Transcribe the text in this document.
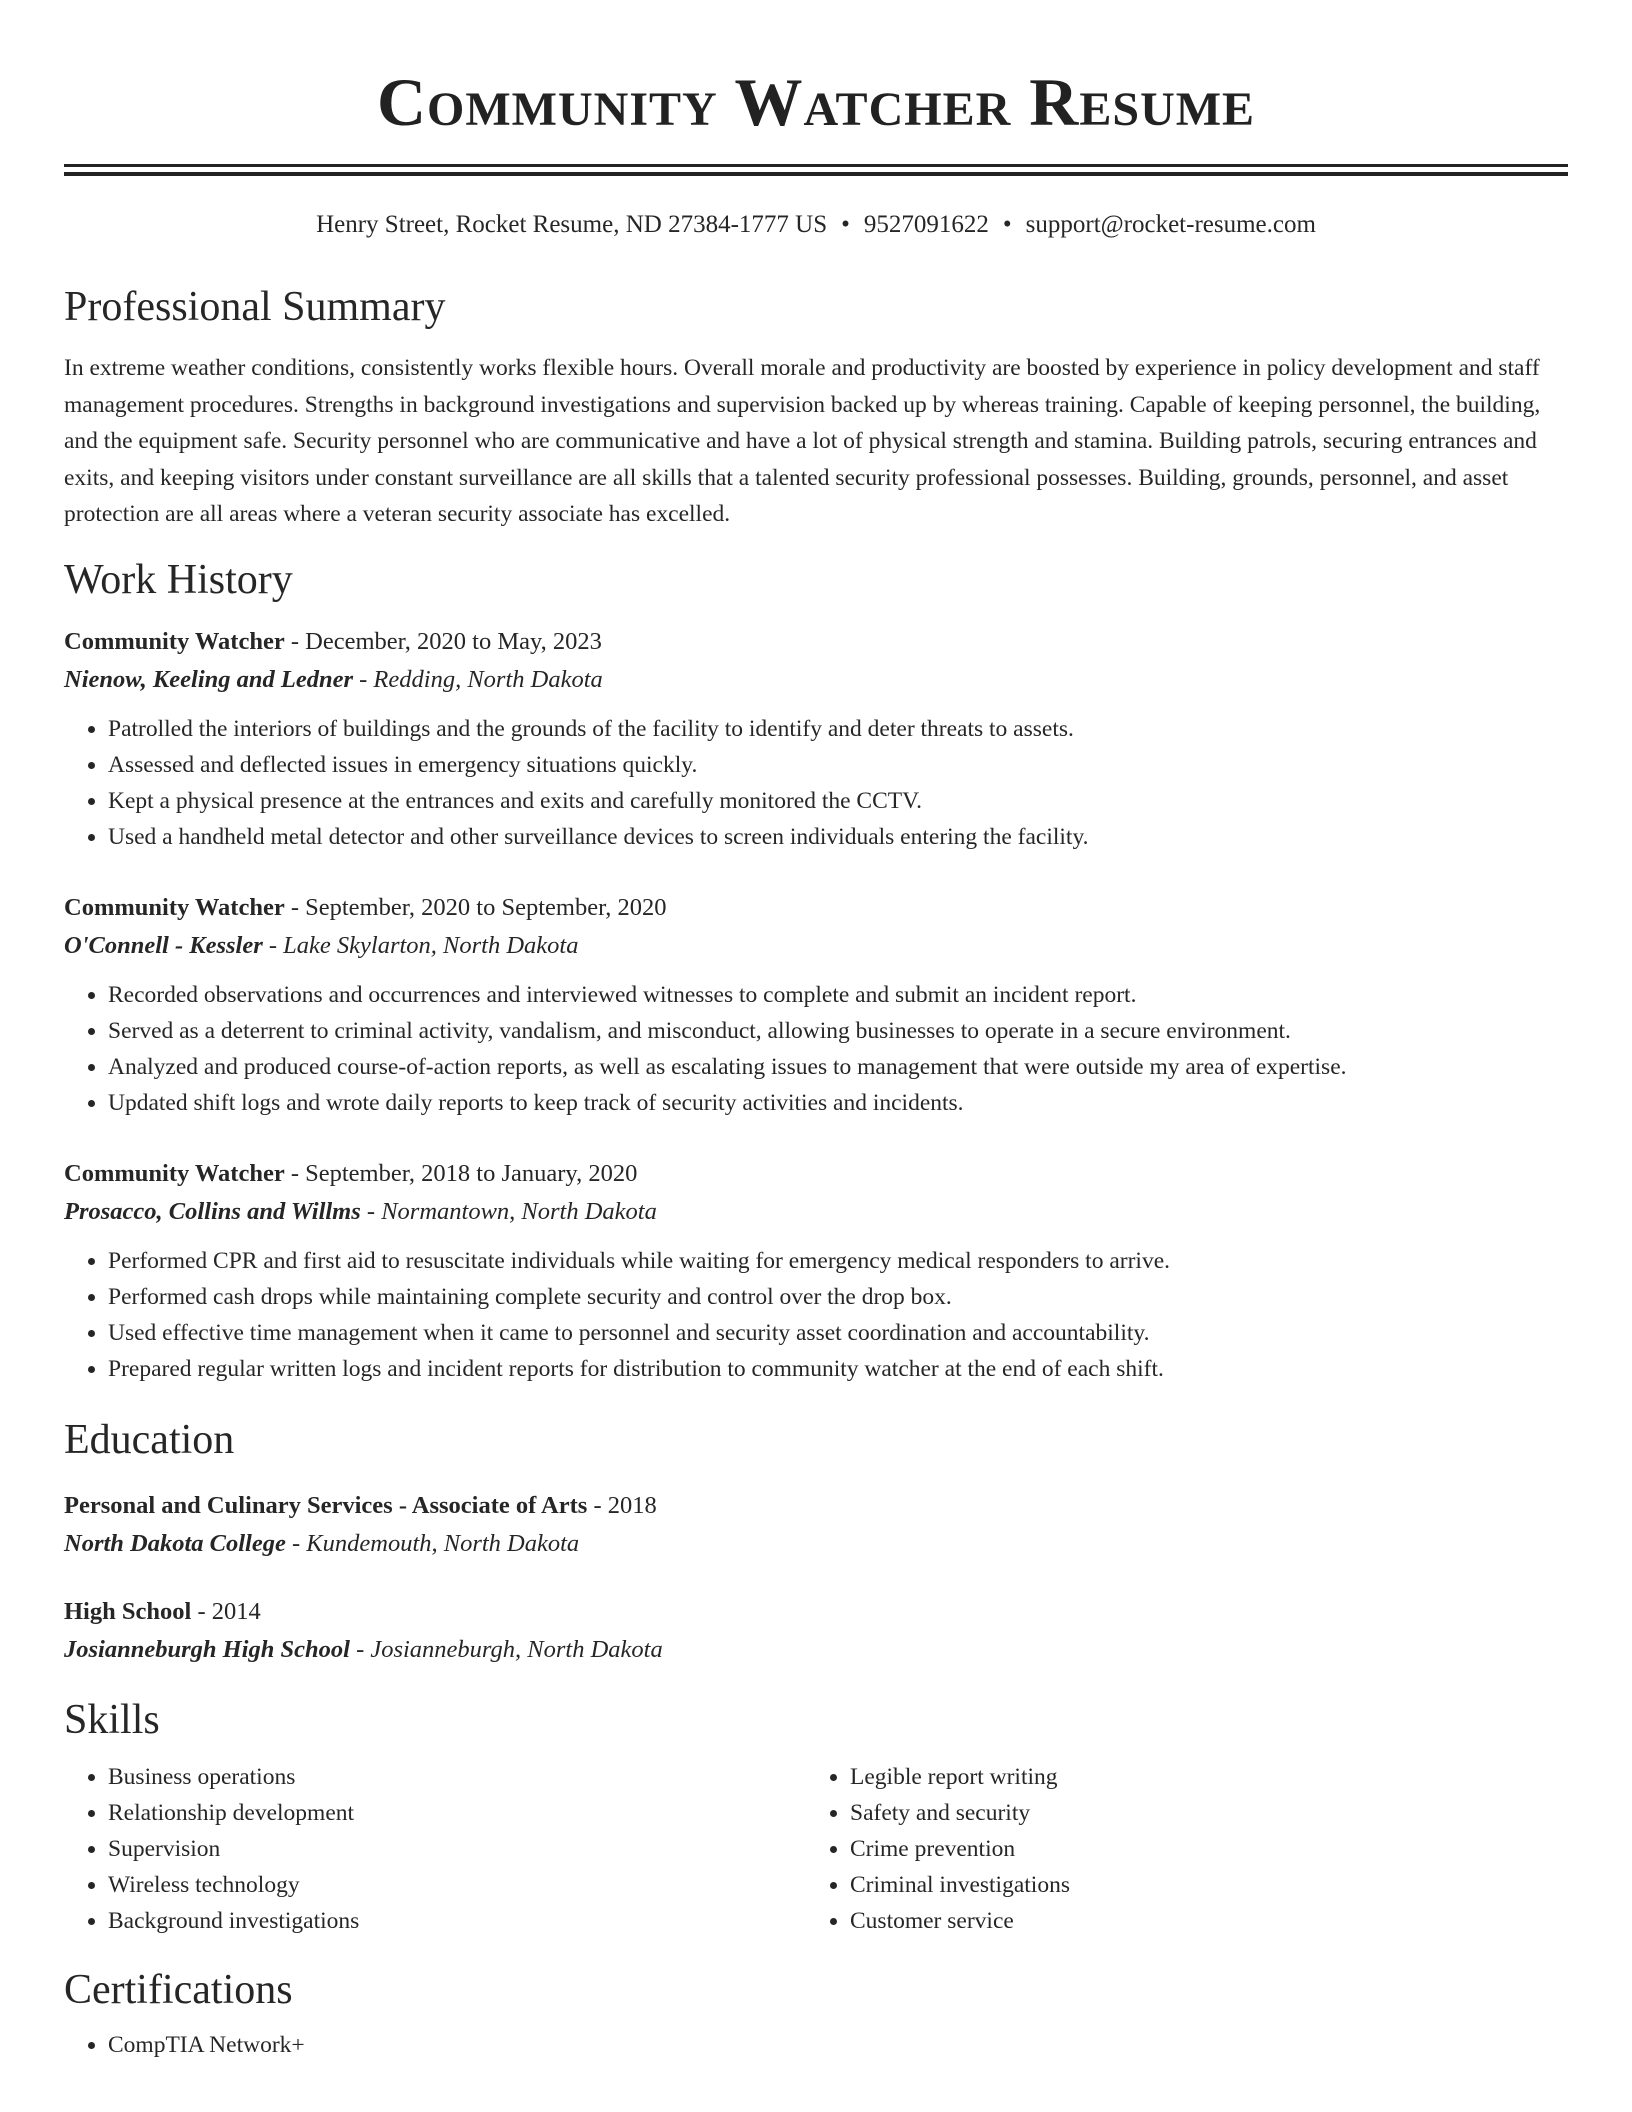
Community Watcher Resume
Henry Street, Rocket Resume, ND 27384-1777 US • 9527091622 • support@rocket-resume.com
Professional Summary
In extreme weather conditions, consistently works flexible hours. Overall morale and productivity are boosted by experience in policy development and staff management procedures. Strengths in background investigations and supervision backed up by whereas training. Capable of keeping personnel, the building, and the equipment safe. Security personnel who are communicative and have a lot of physical strength and stamina. Building patrols, securing entrances and exits, and keeping visitors under constant surveillance are all skills that a talented security professional possesses. Building, grounds, personnel, and asset protection are all areas where a veteran security associate has excelled.
Work History
Community Watcher - December, 2020 to May, 2023
Nienow, Keeling and Ledner - Redding, North Dakota
• Patrolled the interiors of buildings and the grounds of the facility to identify and deter threats to assets.
• Assessed and deflected issues in emergency situations quickly.
• Kept a physical presence at the entrances and exits and carefully monitored the CCTV.
• Used a handheld metal detector and other surveillance devices to screen individuals entering the facility.
Community Watcher - September, 2020 to September, 2020
O'Connell - Kessler - Lake Skylarton, North Dakota
• Recorded observations and occurrences and interviewed witnesses to complete and submit an incident report.
• Served as a deterrent to criminal activity, vandalism, and misconduct, allowing businesses to operate in a secure environment.
• Analyzed and produced course-of-action reports, as well as escalating issues to management that were outside my area of expertise.
• Updated shift logs and wrote daily reports to keep track of security activities and incidents.
Community Watcher - September, 2018 to January, 2020
Prosacco, Collins and Willms - Normantown, North Dakota
• Performed CPR and first aid to resuscitate individuals while waiting for emergency medical responders to arrive.
• Performed cash drops while maintaining complete security and control over the drop box.
• Used effective time management when it came to personnel and security asset coordination and accountability.
• Prepared regular written logs and incident reports for distribution to community watcher at the end of each shift.
Education
Personal and Culinary Services - Associate of Arts - 2018
North Dakota College - Kundemouth, North Dakota
High School - 2014
Josianneburgh High School - Josianneburgh, North Dakota
Skills
• Business operations
• Relationship development
• Supervision
• Wireless technology
• Background investigations
• Legible report writing
• Safety and security
• Crime prevention
• Criminal investigations
• Customer service
Certifications
• CompTIA Network+
